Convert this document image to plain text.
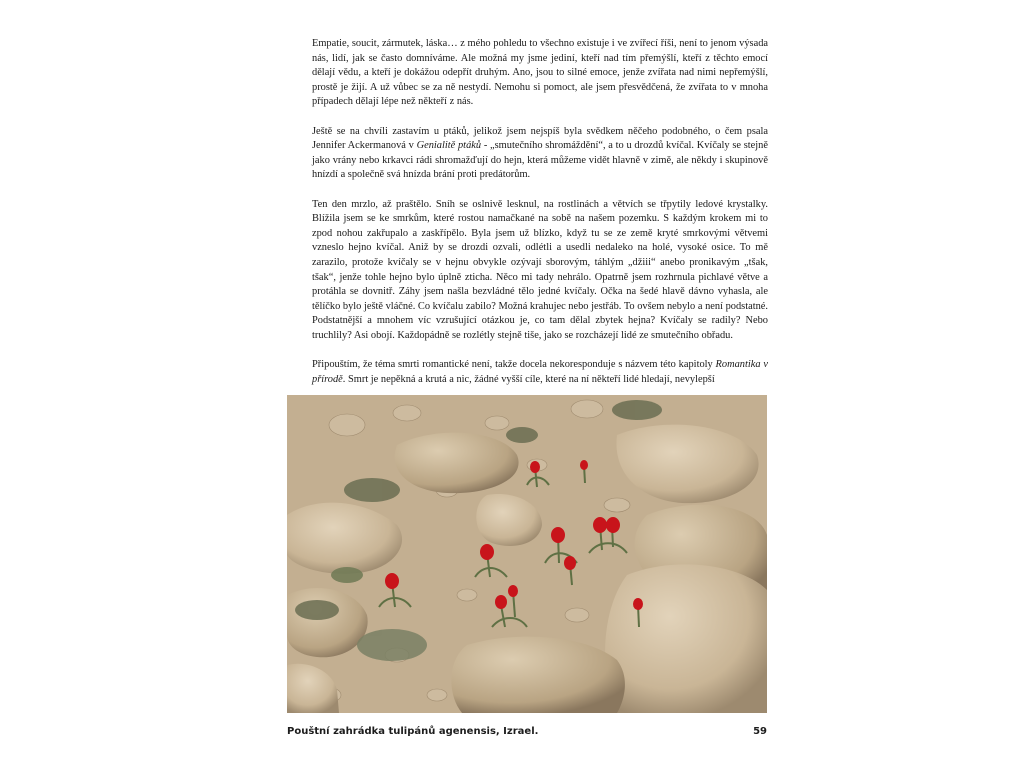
Empatie, soucit, zármutek, láska… z mého pohledu to všechno existuje i ve zvířecí říši, není to jenom výsada nás, lidí, jak se často domníváme. Ale možná my jsme jediní, kteří nad tím přemýšlí, kteří z těchto emocí dělají vědu, a kteří je dokážou odepřít druhým. Ano, jsou to silné emoce, jenže zvířata nad nimi nepřemýšlí, prostě je žijí. A už vůbec se za ně nestydí. Nemohu si pomoct, ale jsem přesvědčená, že zvířata to v mnoha případech dělají lépe než někteří z nás.

Ještě se na chvíli zastavím u ptáků, jelikož jsem nejspíš byla svědkem něčeho podobného, o čem psala Jennifer Ackermanová v Genialitě ptáků - „smutečního shromáždění“, a to u drozdů kvíčal. Kvíčaly se stejně jako vrány nebo krkavci rádi shromažďují do hejn, která můžeme vidět hlavně v zimě, ale někdy i skupinově hnízdí a společně svá hnízda brání proti predátorům.

Ten den mrzlo, až praštělo. Sníh se oslnivě lesknul, na rostlinách a větvích se třpytily ledové krystalky. Blížila jsem se ke smrkům, které rostou namačkané na sobě na našem pozemku. S každým krokem mi to zpod nohou zakřupalo a zaskřípělo. Byla jsem už blízko, když tu se ze země kryté smrkovými větvemi vzneslo hejno kvíčal. Aniž by se drozdi ozvali, odlétli a usedli nedaleko na holé, vysoké osice. To mě zarazilo, protože kvíčaly se v hejnu obvykle ozývají sborovým, táhlým „džiii“ anebo pronikavým „tšak, tšak“, jenže tohle hejno bylo úplně zticha. Něco mi tady nehrálo. Opatrně jsem rozhrnula pichlavé větve a protáhla se dovnitř. Záhy jsem našla bezvládné tělo jedné kvíčaly. Očka na šedé hlavě dávno vyhasla, ale tělíčko bylo ještě vláčné. Co kvíčalu zabilo? Možná krahujec nebo jestřáb. To ovšem nebylo a není podstatné. Podstatnější a mnohem víc vzrušující otázkou je, co tam dělal zbytek hejna? Kvíčaly se radily? Nebo truchlily? Asi obojí. Každopádně se rozlétly stejně tiše, jako se rozcházejí lidé ze smutečního obřadu.

Připouštím, že téma smrti romantické není, takže docela nekoresponduje s názvem této kapitoly Romantika v přírodě. Smrt je nepěkná a krutá a nic, žádné vyšší cíle, které na ní někteří lidé hledají, nevylepší

Pouštní zahrádka tulipánů agenensis, Izrael.	59
